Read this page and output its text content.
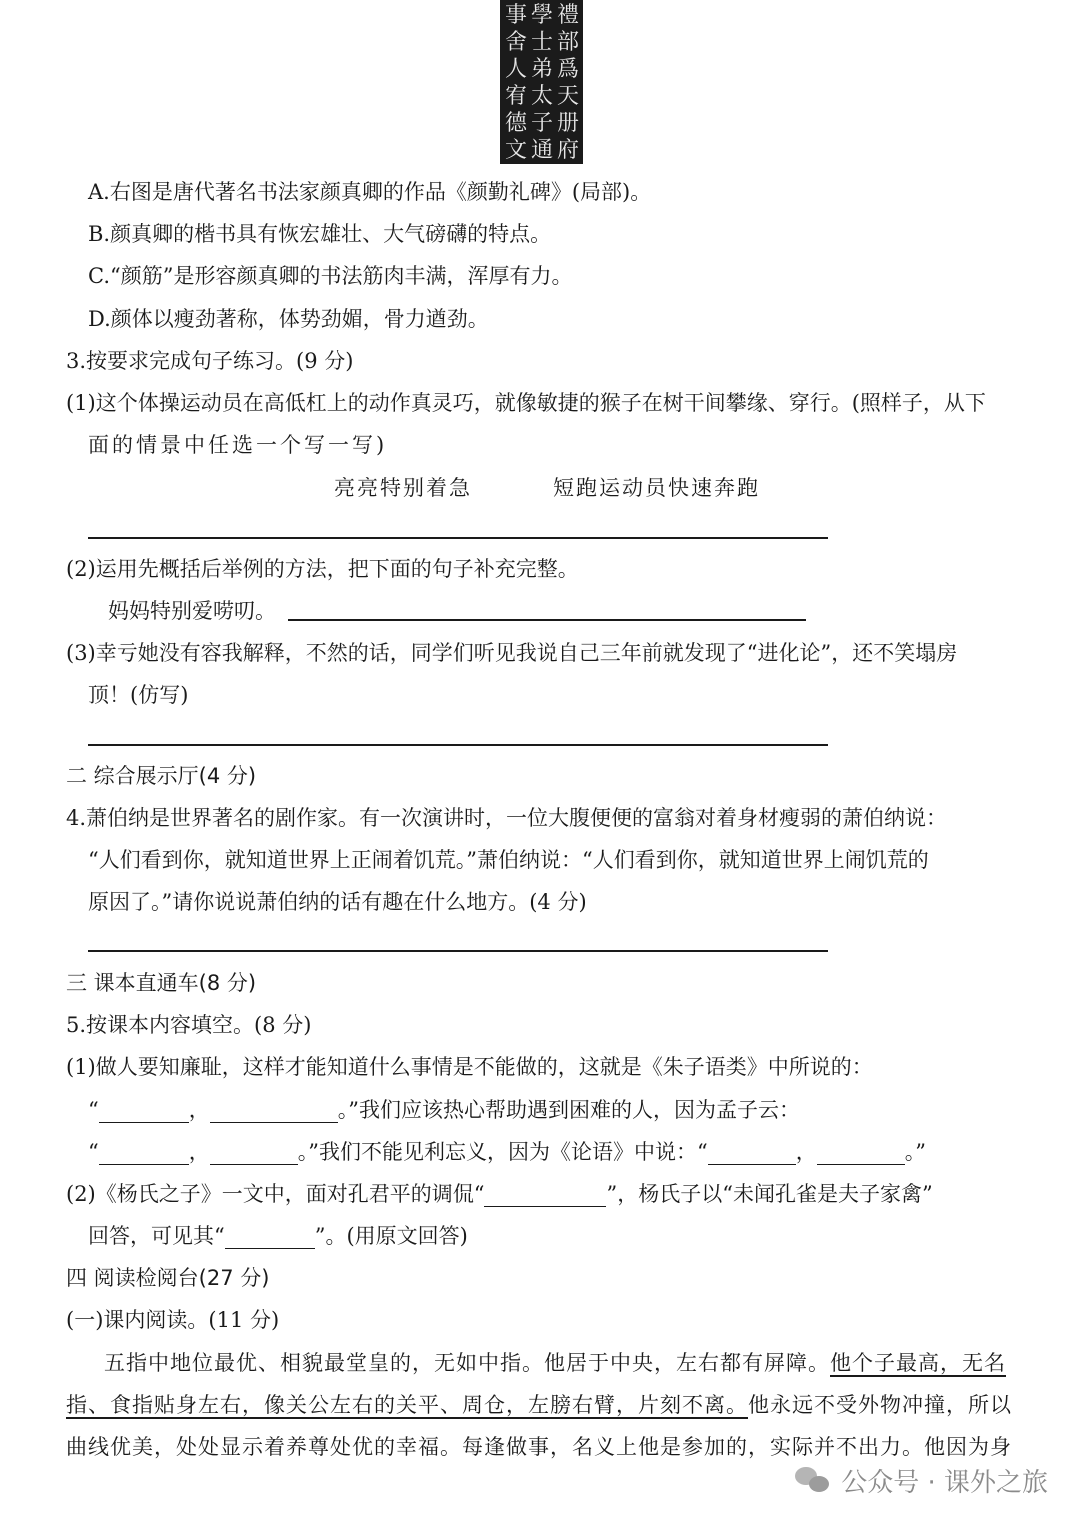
禮部爲天册府
學士弟太子通
事舍人宥德文
A.右图是唐代著名书法家颜真卿的作品《颜勤礼碑》(局部)。
B.颜真卿的楷书具有恢宏雄壮、大气磅礴的特点。
C.“颜筋”是形容颜真卿的书法筋肉丰满，浑厚有力。
D.颜体以瘦劲著称，体势劲媚，骨力遒劲。
3.按要求完成句子练习。(9 分)
(1)这个体操运动员在高低杠上的动作真灵巧，就像敏捷的猴子在树干间攀缘、穿行。(照样子，从下
面的情景中任选一个写一写)
亮亮特别着急	短跑运动员快速奔跑
(2)运用先概括后举例的方法，把下面的句子补充完整。
妈妈特别爱唠叨。
(3)幸亏她没有容我解释，不然的话，同学们听见我说自己三年前就发现了“进化论”，还不笑塌房
顶！(仿写)
二 综合展示厅(4 分)
4.萧伯纳是世界著名的剧作家。有一次演讲时，一位大腹便便的富翁对着身材瘦弱的萧伯纳说：
“人们看到你，就知道世界上正闹着饥荒。”萧伯纳说：“人们看到你，就知道世界上闹饥荒的
原因了。”请你说说萧伯纳的话有趣在什么地方。(4 分)
三 课本直通车(8 分)
5.按课本内容填空。(8 分)
(1)做人要知廉耻，这样才能知道什么事情是不能做的，这就是《朱子语类》中所说的：
“	，	。”我们应该热心帮助遇到困难的人，因为孟子云：
“	，	。”我们不能见利忘义，因为《论语》中说：“	，	。”
(2)《杨氏之子》一文中，面对孔君平的调侃“	”，杨氏子以“未闻孔雀是夫子家禽”
回答，可见其“	”。(用原文回答)
四 阅读检阅台(27 分)
(一)课内阅读。(11 分)
五指中地位最优、相貌最堂皇的，无如中指。他居于中央，左右都有屏障。他个子最高，无名
指、食指贴身左右，像关公左右的关平、周仓，左膀右臂，片刻不离。他永远不受外物冲撞，所以
曲线优美，处处显示着养尊处优的幸福。每逢做事，名义上他是参加的，实际并不出力。他因为身
公众号 · 课外之旅
